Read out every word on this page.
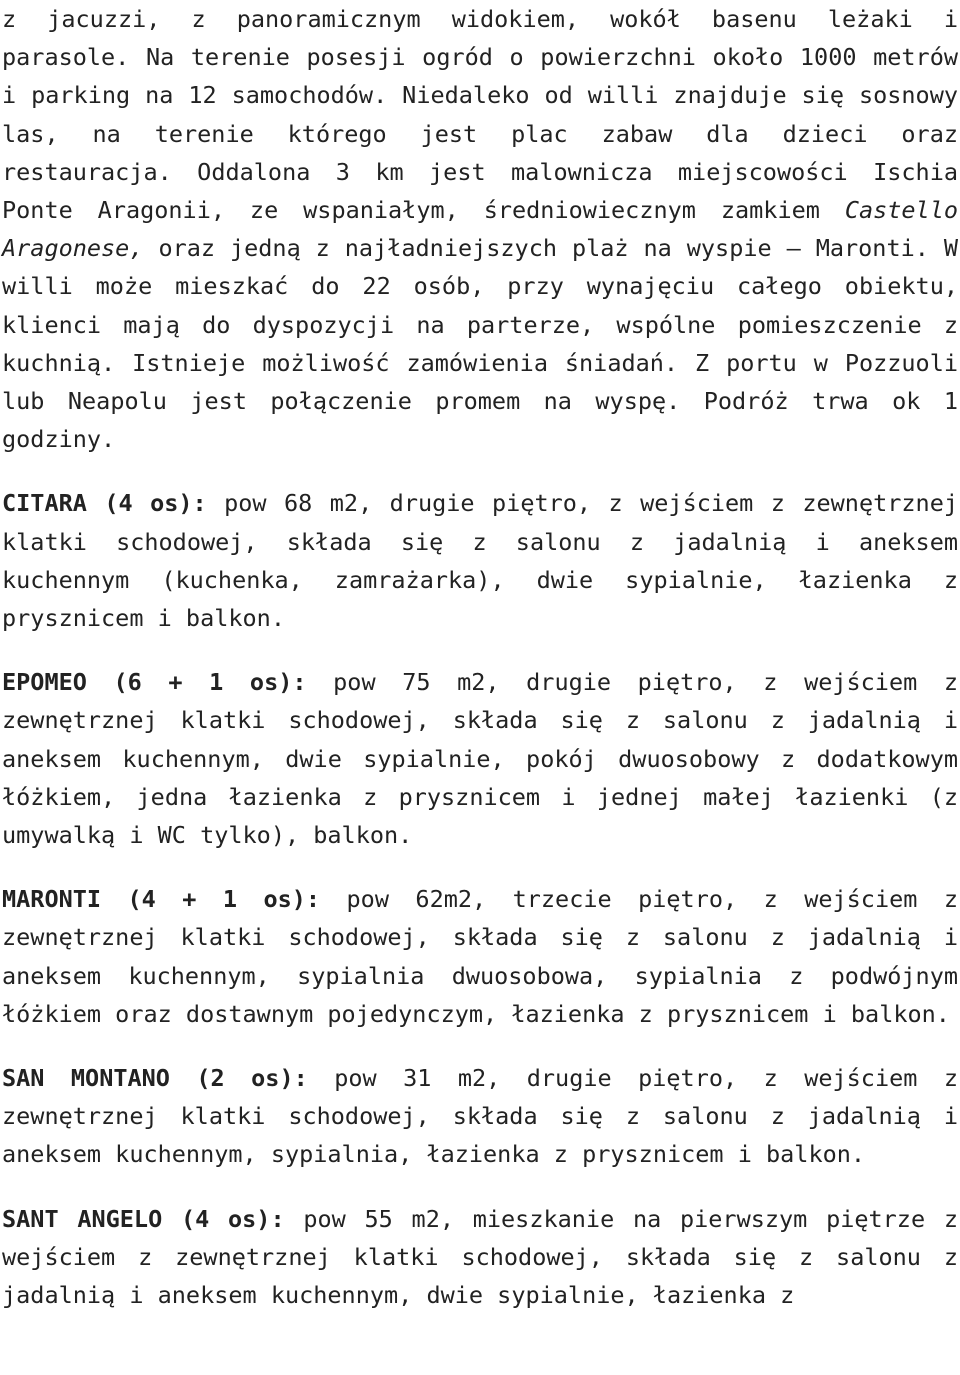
z jacuzzi, z panoramicznym widokiem, wokół basenu leżaki i parasole. Na terenie posesji ogród o powierzchni około 1000 metrów i parking na 12 samochodów. Niedaleko od willi znajduje się sosnowy las, na terenie którego jest plac zabaw dla dzieci oraz restauracja. Oddalona 3 km jest malownicza miejscowości Ischia Ponte Aragonii, ze wspaniałym, średniowiecznym zamkiem Castello Aragonese, oraz jedną z najładniejszych plaż na wyspie – Maronti. W willi może mieszkać do 22 osób, przy wynajęciu całego obiektu, klienci mają do dyspozycji na parterze, wspólne pomieszczenie z kuchnią. Istnieje możliwość zamówienia śniadań. Z portu w Pozzuoli lub Neapolu jest połączenie promem na wyspę. Podróż trwa ok 1 godziny.

CITARA (4 os): pow 68 m2, drugie piętro, z wejściem z zewnętrznej klatki schodowej, składa się z salonu z jadalnią i aneksem kuchennym (kuchenka, zamrażarka), dwie sypialnie, łazienka z prysznicem i balkon.

EPOMEO (6 + 1 os): pow 75 m2, drugie piętro, z wejściem z zewnętrznej klatki schodowej, składa się z salonu z jadalnią i aneksem kuchennym, dwie sypialnie, pokój dwuosobowy z dodatkowym łóżkiem, jedna łazienka z prysznicem i jednej małej łazienki (z umywalką i WC tylko), balkon.

MARONTI (4 + 1 os): pow 62m2, trzecie piętro, z wejściem z zewnętrznej klatki schodowej, składa się z salonu z jadalnią i aneksem kuchennym, sypialnia dwuosobowa, sypialnia z podwójnym łóżkiem oraz dostawnym pojedynczym, łazienka z prysznicem i balkon.

SAN MONTANO (2 os): pow 31 m2, drugie piętro, z wejściem z zewnętrznej klatki schodowej, składa się z salonu z jadalnią i aneksem kuchennym, sypialnia, łazienka z prysznicem i balkon.

SANT ANGELO (4 os): pow 55 m2, mieszkanie na pierwszym piętrze z wejściem z zewnętrznej klatki schodowej, składa się z salonu z jadalnią i aneksem kuchennym, dwie sypialnie, łazienka z
